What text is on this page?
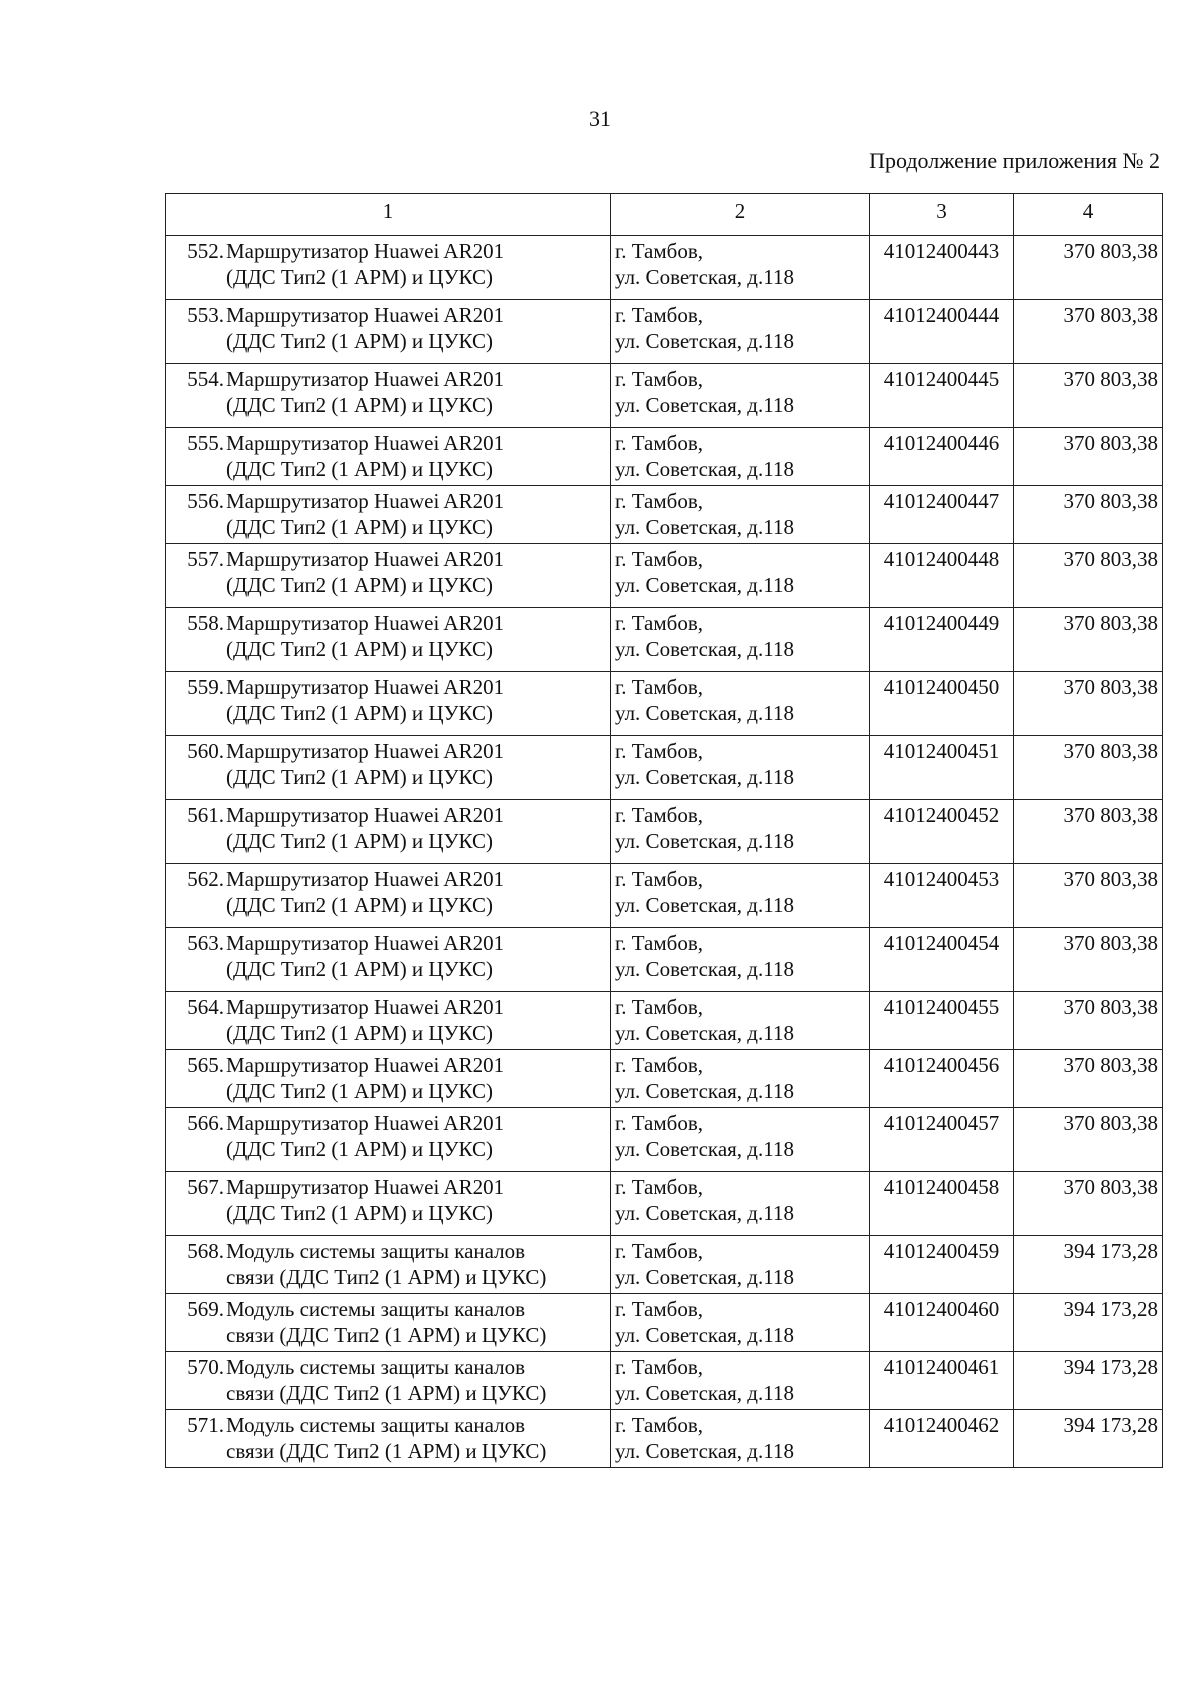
31
Продолжение приложения № 2
1	2	3	4

552. Маршрутизатор Huawei AR201
(ДДС Тип2 (1 АРМ) и ЦУКС)	г. Тамбов,
ул. Советская, д.118	41012400443	370 803,38

553. Маршрутизатор Huawei AR201
(ДДС Тип2 (1 АРМ) и ЦУКС)	г. Тамбов,
ул. Советская, д.118	41012400444	370 803,38

554. Маршрутизатор Huawei AR201
(ДДС Тип2 (1 АРМ) и ЦУКС)	г. Тамбов,
ул. Советская, д.118	41012400445	370 803,38

555. Маршрутизатор Huawei AR201
(ДДС Тип2 (1 АРМ) и ЦУКС)	г. Тамбов,
ул. Советская, д.118	41012400446	370 803,38

556. Маршрутизатор Huawei AR201
(ДДС Тип2 (1 АРМ) и ЦУКС)	г. Тамбов,
ул. Советская, д.118	41012400447	370 803,38

557. Маршрутизатор Huawei AR201
(ДДС Тип2 (1 АРМ) и ЦУКС)	г. Тамбов,
ул. Советская, д.118	41012400448	370 803,38

558. Маршрутизатор Huawei AR201
(ДДС Тип2 (1 АРМ) и ЦУКС)	г. Тамбов,
ул. Советская, д.118	41012400449	370 803,38

559. Маршрутизатор Huawei AR201
(ДДС Тип2 (1 АРМ) и ЦУКС)	г. Тамбов,
ул. Советская, д.118	41012400450	370 803,38

560. Маршрутизатор Huawei AR201
(ДДС Тип2 (1 АРМ) и ЦУКС)	г. Тамбов,
ул. Советская, д.118	41012400451	370 803,38

561. Маршрутизатор Huawei AR201
(ДДС Тип2 (1 АРМ) и ЦУКС)	г. Тамбов,
ул. Советская, д.118	41012400452	370 803,38

562. Маршрутизатор Huawei AR201
(ДДС Тип2 (1 АРМ) и ЦУКС)	г. Тамбов,
ул. Советская, д.118	41012400453	370 803,38

563. Маршрутизатор Huawei AR201
(ДДС Тип2 (1 АРМ) и ЦУКС)	г. Тамбов,
ул. Советская, д.118	41012400454	370 803,38

564. Маршрутизатор Huawei AR201
(ДДС Тип2 (1 АРМ) и ЦУКС)	г. Тамбов,
ул. Советская, д.118	41012400455	370 803,38

565. Маршрутизатор Huawei AR201
(ДДС Тип2 (1 АРМ) и ЦУКС)	г. Тамбов,
ул. Советская, д.118	41012400456	370 803,38

566. Маршрутизатор Huawei AR201
(ДДС Тип2 (1 АРМ) и ЦУКС)	г. Тамбов,
ул. Советская, д.118	41012400457	370 803,38

567. Маршрутизатор Huawei AR201
(ДДС Тип2 (1 АРМ) и ЦУКС)	г. Тамбов,
ул. Советская, д.118	41012400458	370 803,38

568. Модуль системы защиты каналов
связи (ДДС Тип2 (1 АРМ) и ЦУКС)	г. Тамбов,
ул. Советская, д.118	41012400459	394 173,28

569. Модуль системы защиты каналов
связи (ДДС Тип2 (1 АРМ) и ЦУКС)	г. Тамбов,
ул. Советская, д.118	41012400460	394 173,28

570. Модуль системы защиты каналов
связи (ДДС Тип2 (1 АРМ) и ЦУКС)	г. Тамбов,
ул. Советская, д.118	41012400461	394 173,28

571. Модуль системы защиты каналов
связи (ДДС Тип2 (1 АРМ) и ЦУКС)	г. Тамбов,
ул. Советская, д.118	41012400462	394 173,28
